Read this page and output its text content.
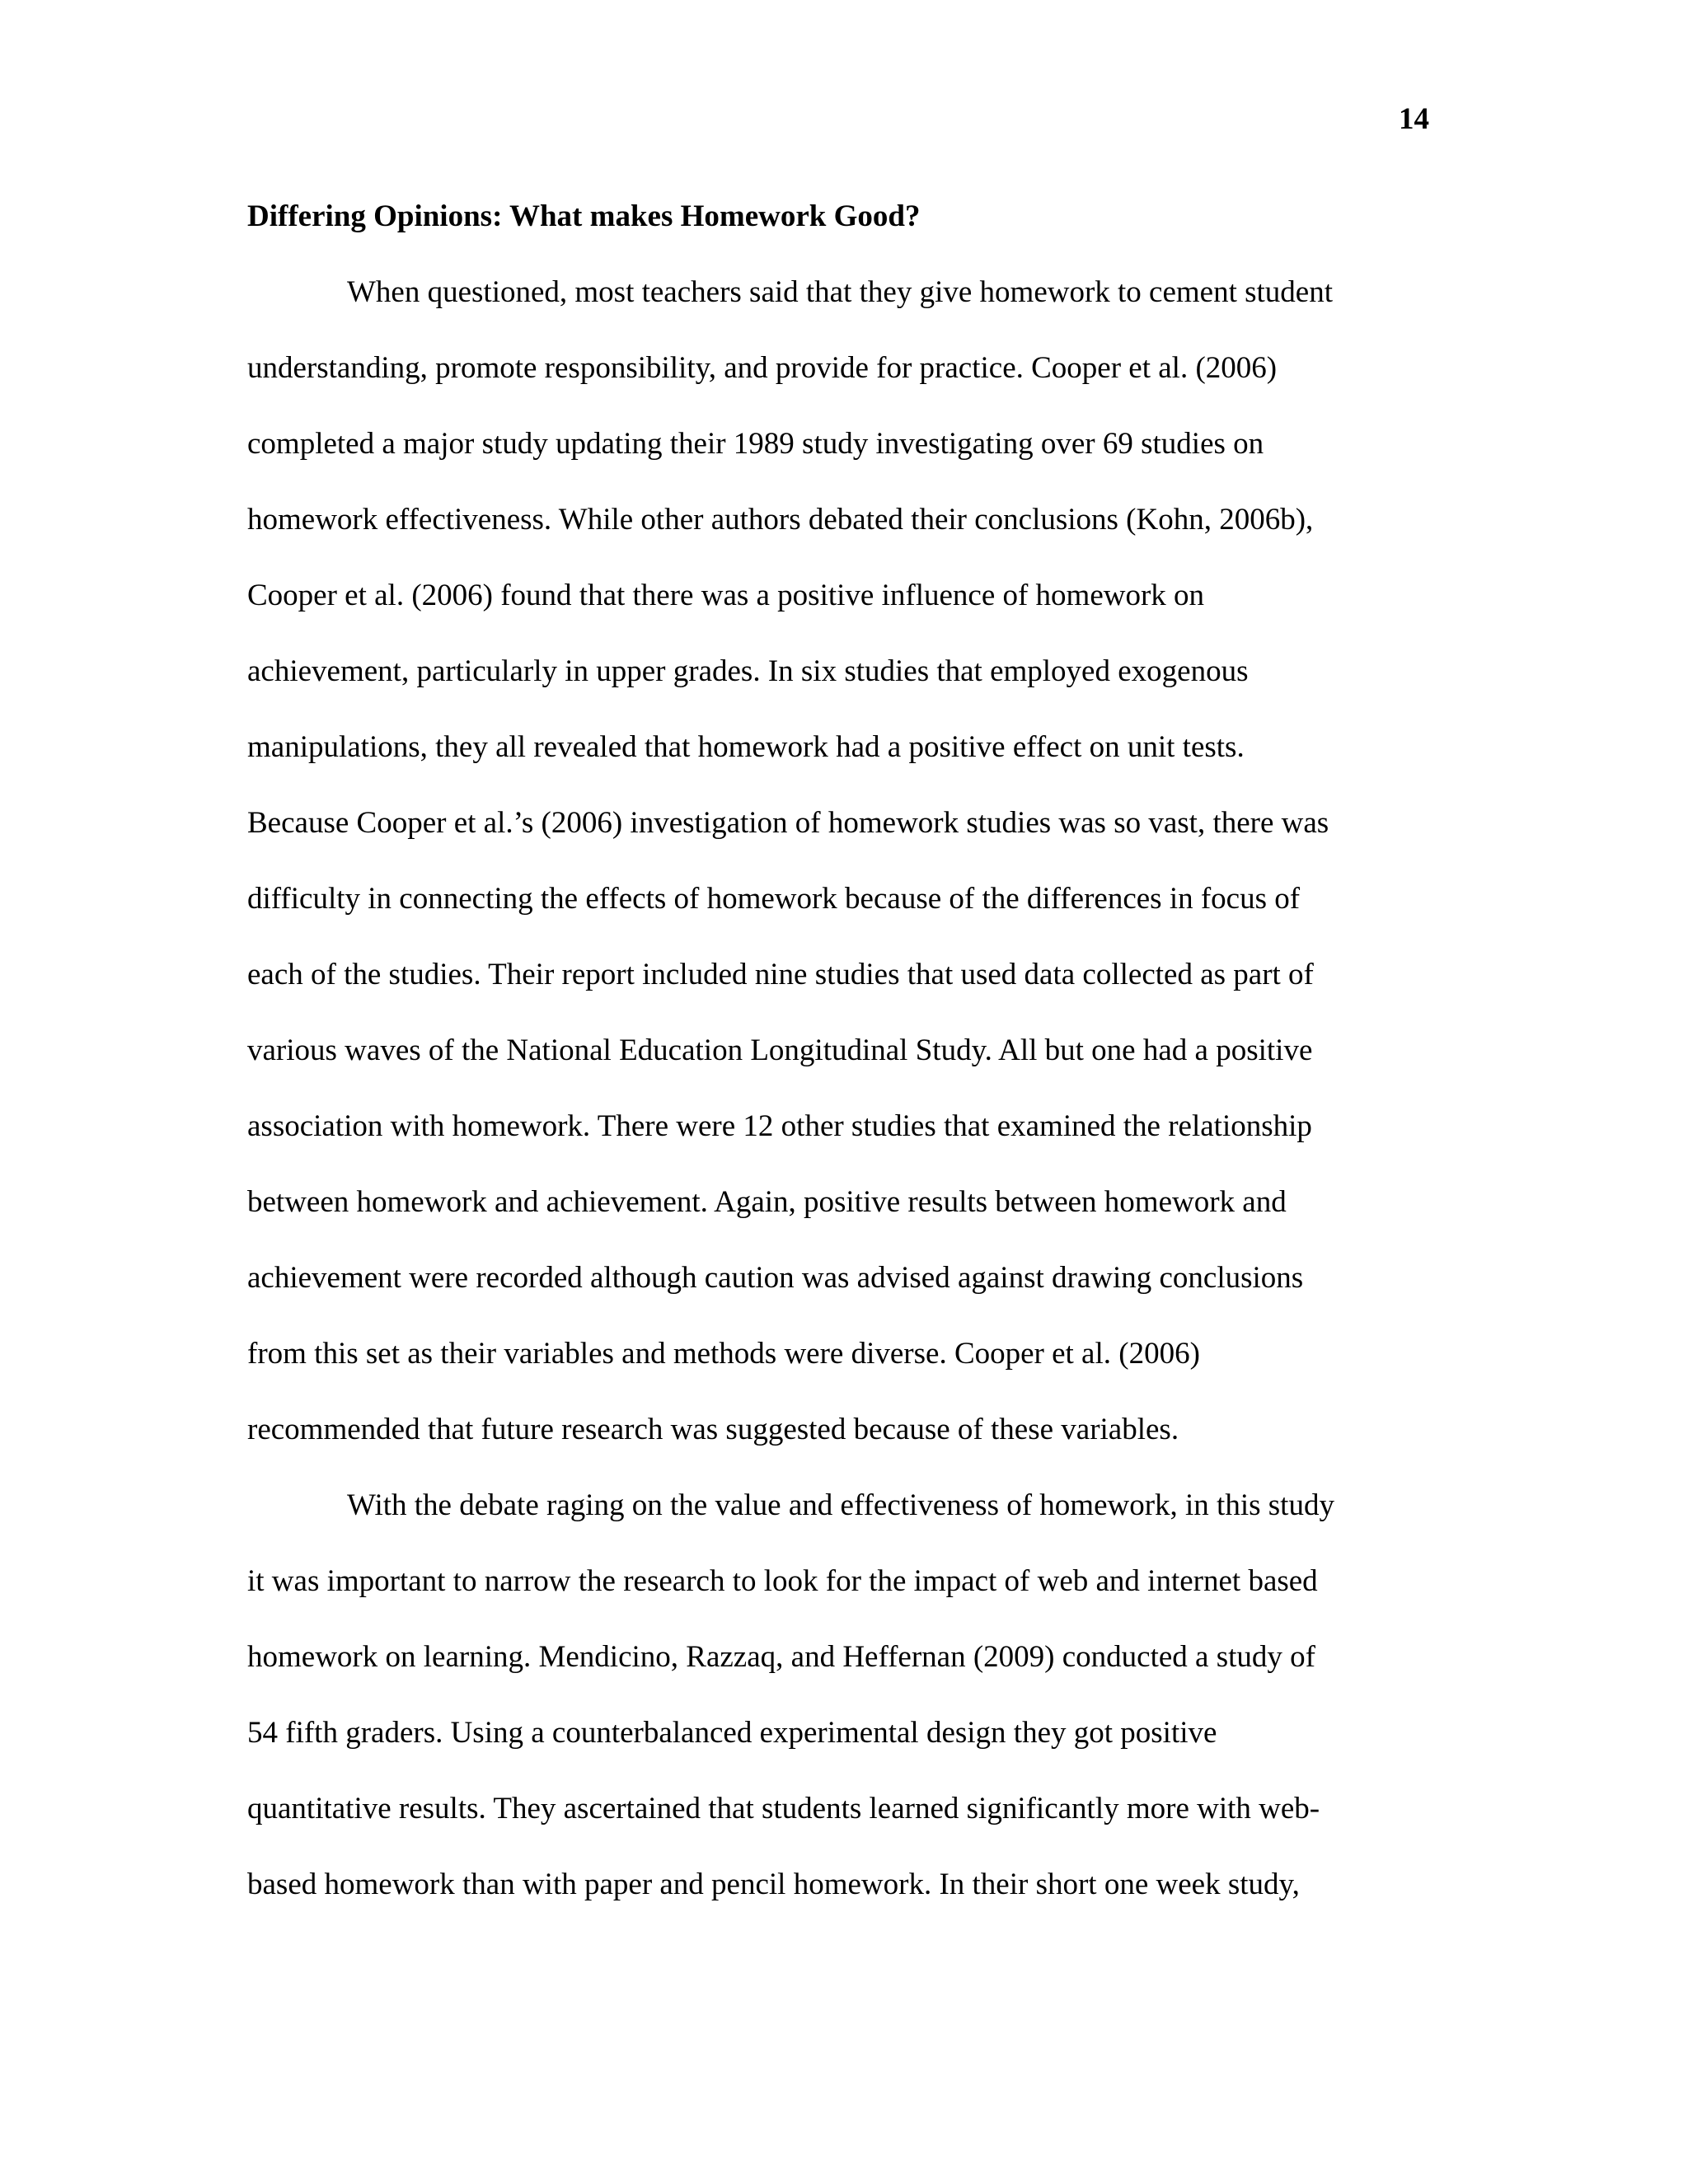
14
Differing Opinions: What makes Homework Good?
When questioned, most teachers said that they give homework to cement student
understanding, promote responsibility, and provide for practice. Cooper et al. (2006)
completed a major study updating their 1989 study investigating over 69 studies on
homework effectiveness. While other authors debated their conclusions (Kohn, 2006b),
Cooper et al. (2006) found that there was a positive influence of homework on
achievement, particularly in upper grades. In six studies that employed exogenous
manipulations, they all revealed that homework had a positive effect on unit tests.
Because Cooper et al.’s (2006) investigation of homework studies was so vast, there was
difficulty in connecting the effects of homework because of the differences in focus of
each of the studies. Their report included nine studies that used data collected as part of
various waves of the National Education Longitudinal Study. All but one had a positive
association with homework. There were 12 other studies that examined the relationship
between homework and achievement. Again, positive results between homework and
achievement were recorded although caution was advised against drawing conclusions
from this set as their variables and methods were diverse. Cooper et al. (2006)
recommended that future research was suggested because of these variables.
With the debate raging on the value and effectiveness of homework, in this study
it was important to narrow the research to look for the impact of web and internet based
homework on learning. Mendicino, Razzaq, and Heffernan (2009) conducted a study of
54 fifth graders. Using a counterbalanced experimental design they got positive
quantitative results. They ascertained that students learned significantly more with web-
based homework than with paper and pencil homework. In their short one week study,
